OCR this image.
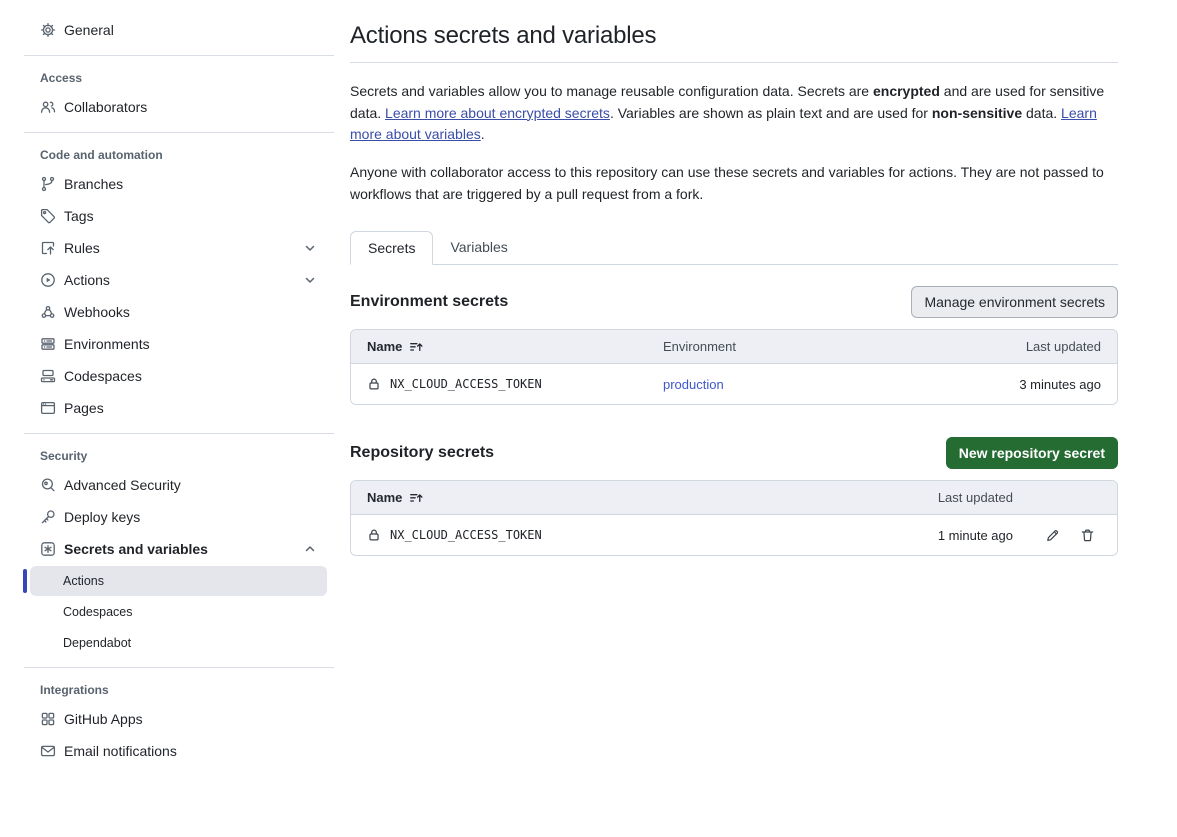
General
Access
Collaborators
Code and automation
Branches
Tags
Rules
Actions
Webhooks
Environments
Codespaces
Pages
Security
Advanced Security
Deploy keys
Secrets and variables
Actions
Codespaces
Dependabot
Integrations
GitHub Apps
Email notifications
Actions secrets and variables

Secrets and variables allow you to manage reusable configuration data. Secrets are encrypted and are used for sensitive data. Learn more about encrypted secrets. Variables are shown as plain text and are used for non-sensitive data. Learn more about variables.

Anyone with collaborator access to this repository can use these secrets and variables for actions. They are not passed to workflows that are triggered by a pull request from a fork.

Secrets	Variables
Environment secrets	Manage environment secrets
Name	Environment	Last updated
NX_CLOUD_ACCESS_TOKEN	production	3 minutes ago
Repository secrets	New repository secret
Name	Last updated
NX_CLOUD_ACCESS_TOKEN	1 minute ago
